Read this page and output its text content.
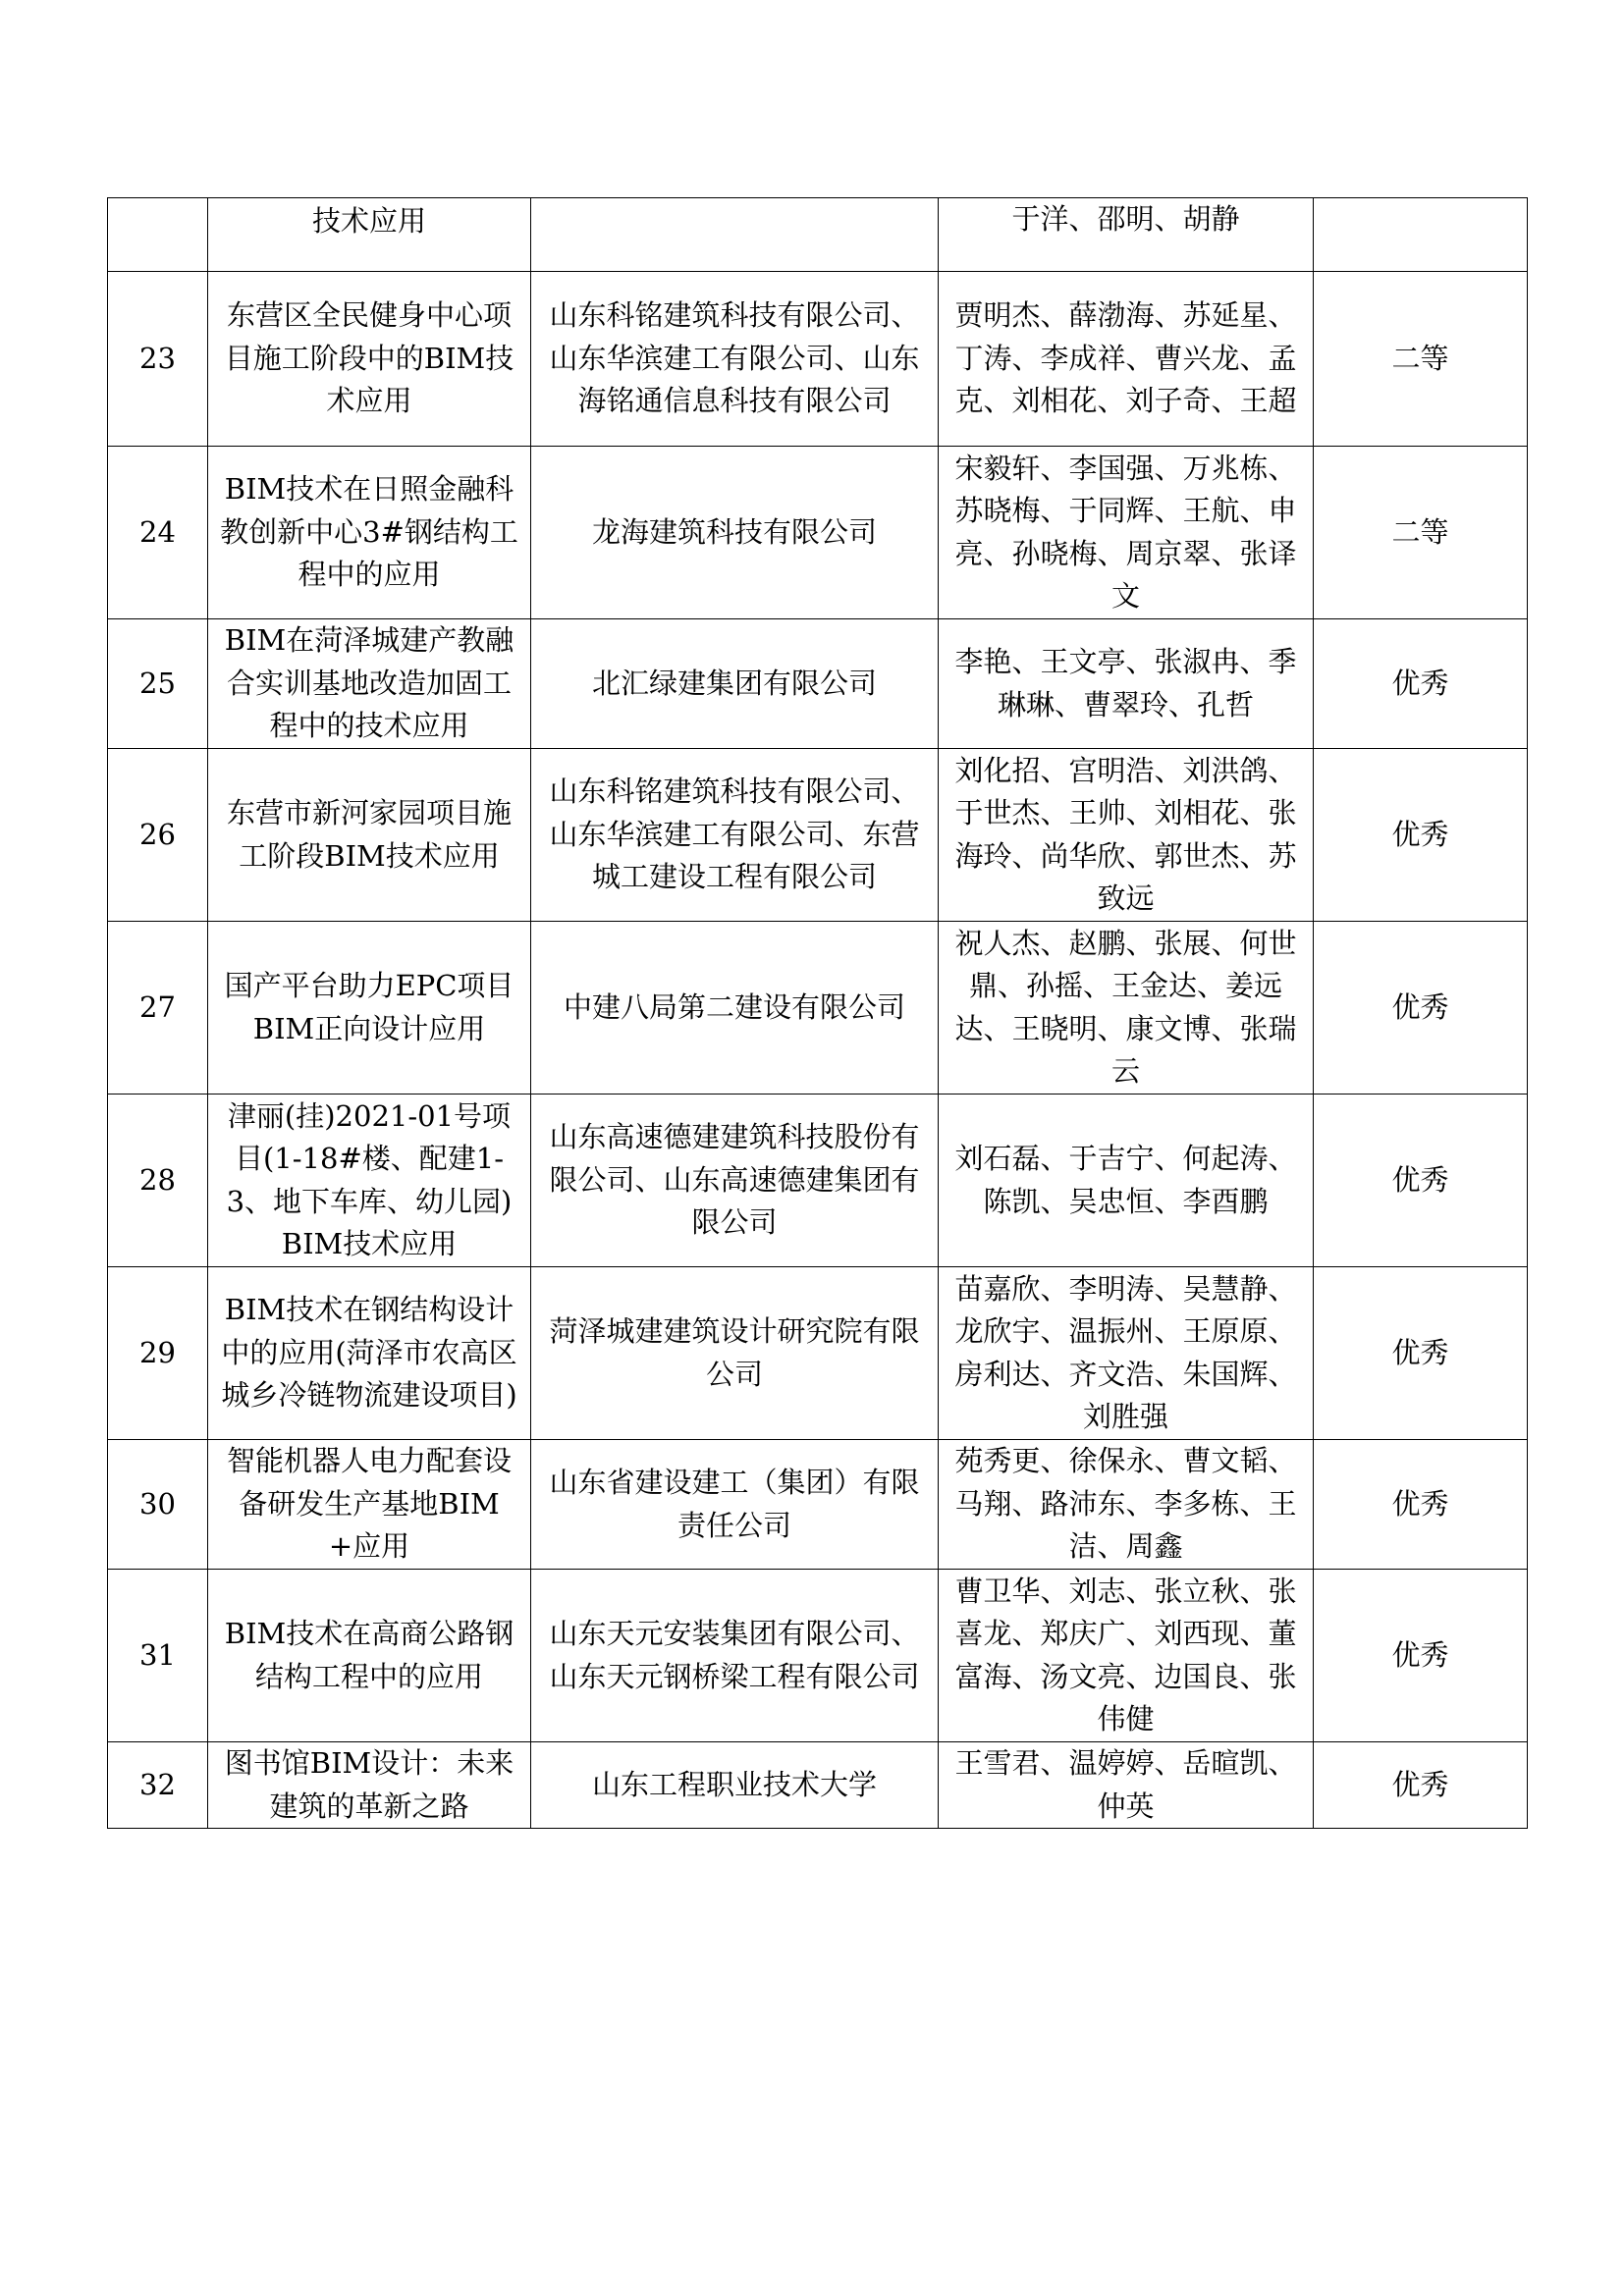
	技术应用		于洋、邵明、胡静	
23	东营区全民健身中心项目施工阶段中的BIM技术应用	山东科铭建筑科技有限公司、山东华滨建工有限公司、山东海铭通信息科技有限公司	贾明杰、薛渤海、苏延星、丁涛、李成祥、曹兴龙、孟克、刘相花、刘子奇、王超	二等
24	BIM技术在日照金融科教创新中心3#钢结构工程中的应用	龙海建筑科技有限公司	宋毅轩、李国强、万兆栋、苏晓梅、于同辉、王航、申亮、孙晓梅、周京翠、张译文	二等
25	BIM在菏泽城建产教融合实训基地改造加固工程中的技术应用	北汇绿建集团有限公司	李艳、王文亭、张淑冉、季琳琳、曹翠玲、孔哲	优秀
26	东营市新河家园项目施工阶段BIM技术应用	山东科铭建筑科技有限公司、山东华滨建工有限公司、东营城工建设工程有限公司	刘化招、宫明浩、刘洪鸽、于世杰、王帅、刘相花、张海玲、尚华欣、郭世杰、苏致远	优秀
27	国产平台助力EPC项目BIM正向设计应用	中建八局第二建设有限公司	祝人杰、赵鹏、张展、何世鼎、孙摇、王金达、姜远达、王晓明、康文博、张瑞云	优秀
28	津丽(挂)2021-01号项目(1-18#楼、配建1-3、地下车库、幼儿园)BIM技术应用	山东高速德建建筑科技股份有限公司、山东高速德建集团有限公司	刘石磊、于吉宁、何起涛、陈凯、吴忠恒、李酉鹏	优秀
29	BIM技术在钢结构设计中的应用(菏泽市农高区城乡冷链物流建设项目)	菏泽城建建筑设计研究院有限公司	苗嘉欣、李明涛、吴慧静、龙欣宇、温振州、王原原、房利达、齐文浩、朱国辉、刘胜强	优秀
30	智能机器人电力配套设备研发生产基地BIM+应用	山东省建设建工（集团）有限责任公司	苑秀更、徐保永、曹文韬、马翔、路沛东、李多栋、王洁、周鑫	优秀
31	BIM技术在高商公路钢结构工程中的应用	山东天元安装集团有限公司、山东天元钢桥梁工程有限公司	曹卫华、刘志、张立秋、张喜龙、郑庆广、刘西现、董富海、汤文亮、边国良、张伟健	优秀
32	图书馆BIM设计：未来建筑的革新之路	山东工程职业技术大学	王雪君、温婷婷、岳暄凯、仲英	优秀
